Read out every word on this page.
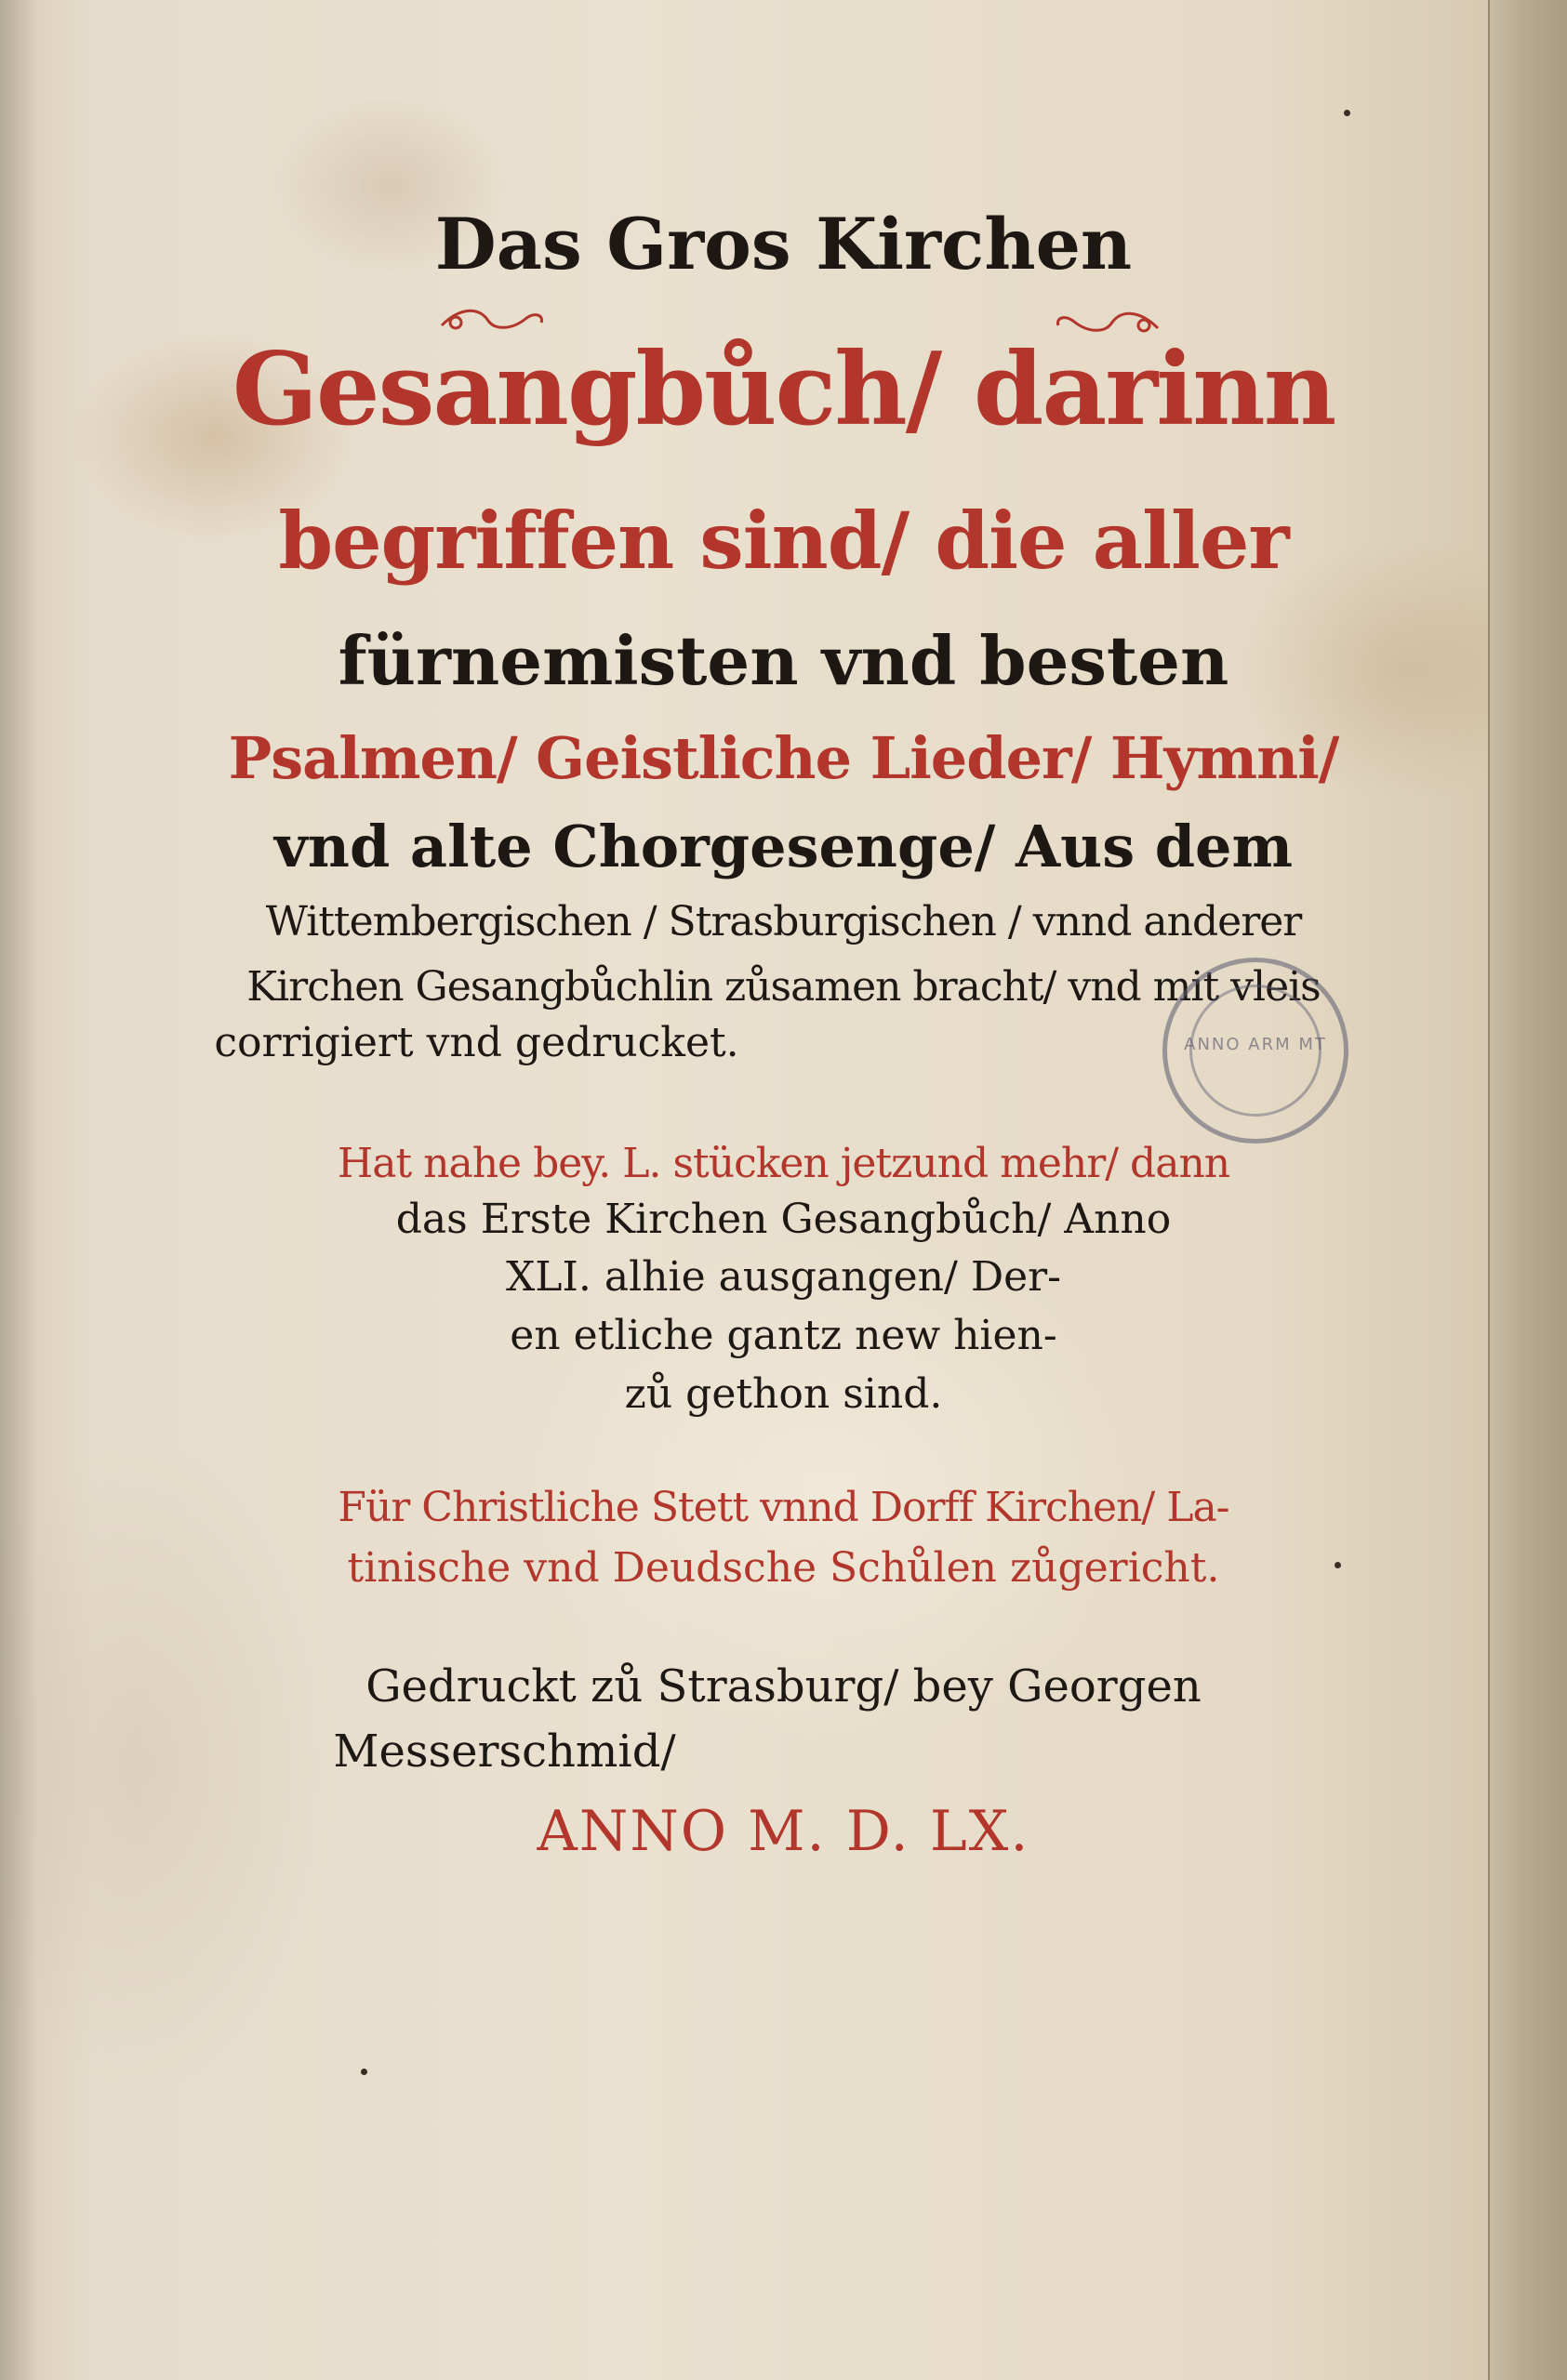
Das Gros Kirchen
Gesangbůch/ darinn
begriffen sind/ die aller
fürnemisten vnd besten
Psalmen/ Geistliche Lieder/ Hymni/
vnd alte Chorgesenge/ Aus dem
Wittembergischen / Strasburgischen / vnnd anderer
Kirchen Gesangbůchlin zůsamen bracht/ vnd mit vleis
corrigiert vnd gedrucket.
Hat nahe bey. L. stücken jetzund mehr/ dann
das Erste Kirchen Gesangbůch/ Anno
XLI. alhie ausgangen/ Der-
en etliche gantz new hien-
zů gethon sind.
Für Christliche Stett vnnd Dorff Kirchen/ La-
tinische vnd Deudsche Schůlen zůgericht.
Gedruckt zů Strasburg/ bey Georgen
Messerschmid/
ANNO M. D. LX.
ANNO ARM MT
